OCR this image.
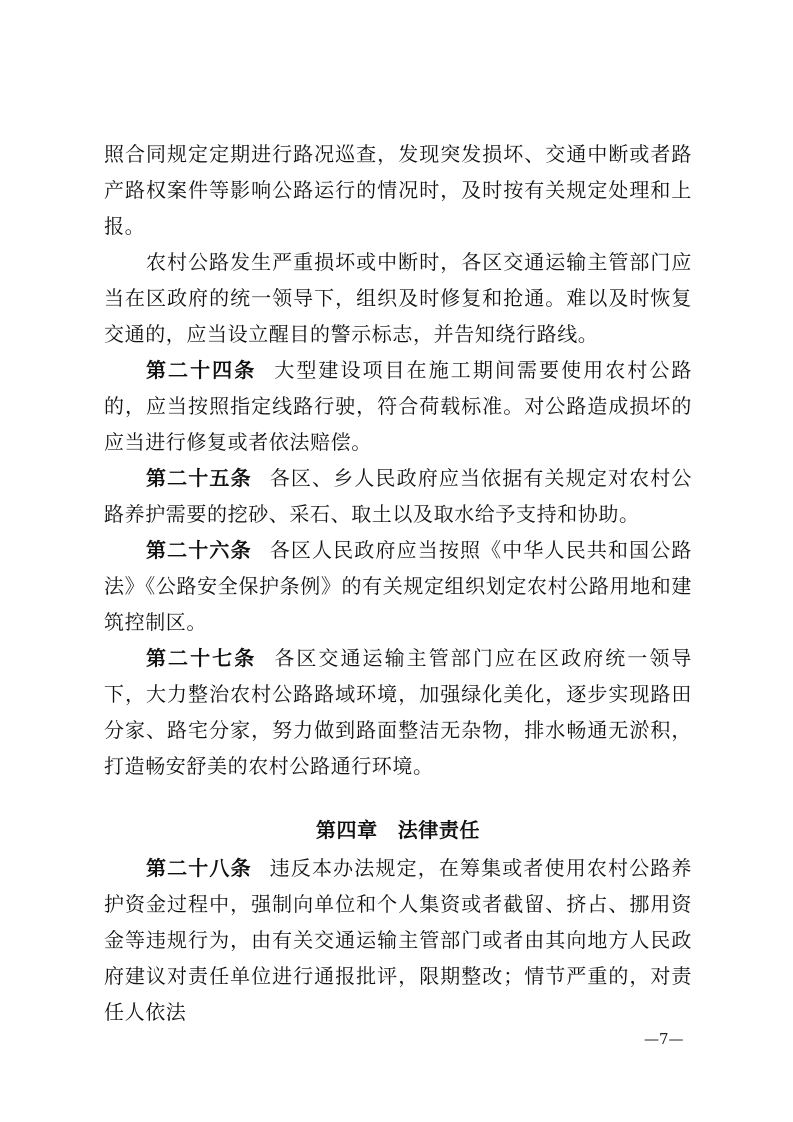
照合同规定定期进行路况巡查，发现突发损坏、交通中断或者路产路权案件等影响公路运行的情况时，及时按有关规定处理和上报。

农村公路发生严重损坏或中断时，各区交通运输主管部门应当在区政府的统一领导下，组织及时修复和抢通。难以及时恢复交通的，应当设立醒目的警示标志，并告知绕行路线。

第二十四条 大型建设项目在施工期间需要使用农村公路的，应当按照指定线路行驶，符合荷载标准。对公路造成损坏的应当进行修复或者依法赔偿。

第二十五条 各区、乡人民政府应当依据有关规定对农村公路养护需要的挖砂、采石、取土以及取水给予支持和协助。

第二十六条 各区人民政府应当按照《中华人民共和国公路法》《公路安全保护条例》的有关规定组织划定农村公路用地和建筑控制区。

第二十七条 各区交通运输主管部门应在区政府统一领导下，大力整治农村公路路域环境，加强绿化美化，逐步实现路田分家、路宅分家，努力做到路面整洁无杂物，排水畅通无淤积，打造畅安舒美的农村公路通行环境。

第四章 法律责任

第二十八条 违反本办法规定，在筹集或者使用农村公路养护资金过程中，强制向单位和个人集资或者截留、挤占、挪用资金等违规行为，由有关交通运输主管部门或者由其向地方人民政府建议对责任单位进行通报批评，限期整改；情节严重的，对责任人依法

—7—
